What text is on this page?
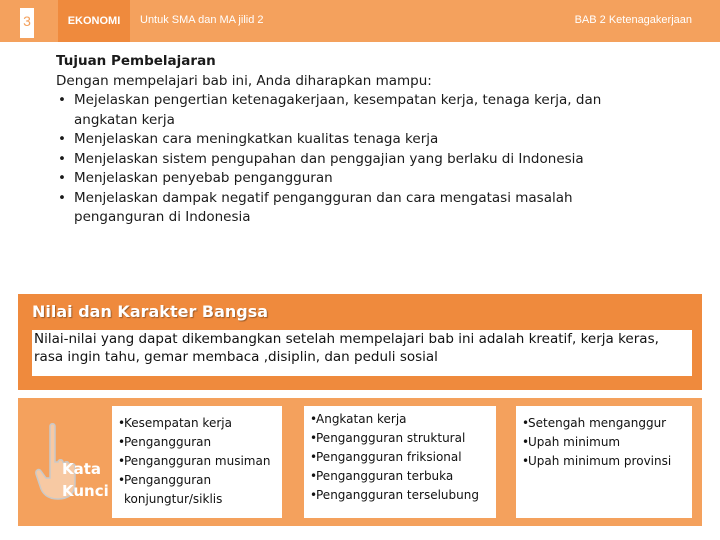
3	EKONOMI	Untuk SMA dan MA jilid 2	BAB 2 Ketenagakerjaan
Tujuan Pembelajaran
Dengan mempelajari bab ini, Anda diharapkan mampu:
• Mejelaskan pengertian ketenagakerjaan, kesempatan kerja, tenaga kerja, dan angkatan kerja
• Menjelaskan cara meningkatkan kualitas tenaga kerja
• Menjelaskan sistem pengupahan dan penggajian yang berlaku di Indonesia
• Menjelaskan penyebab pengangguran
• Menjelaskan dampak negatif pengangguran dan cara mengatasi masalah penganguran di Indonesia
Nilai dan Karakter Bangsa
Nilai-nilai yang dapat dikembangkan setelah mempelajari bab ini adalah kreatif, kerja keras, rasa ingin tahu, gemar membaca ,disiplin, dan peduli sosial
Kata
Kunci
• Kesempatan kerja
• Pengangguran
• Pengangguran musiman
• Pengangguran konjungtur/siklis
• Angkatan kerja
• Pengangguran struktural
• Pengangguran friksional
• Pengangguran terbuka
• Pengangguran terselubung
• Setengah menganggur
• Upah minimum
• Upah minimum provinsi
